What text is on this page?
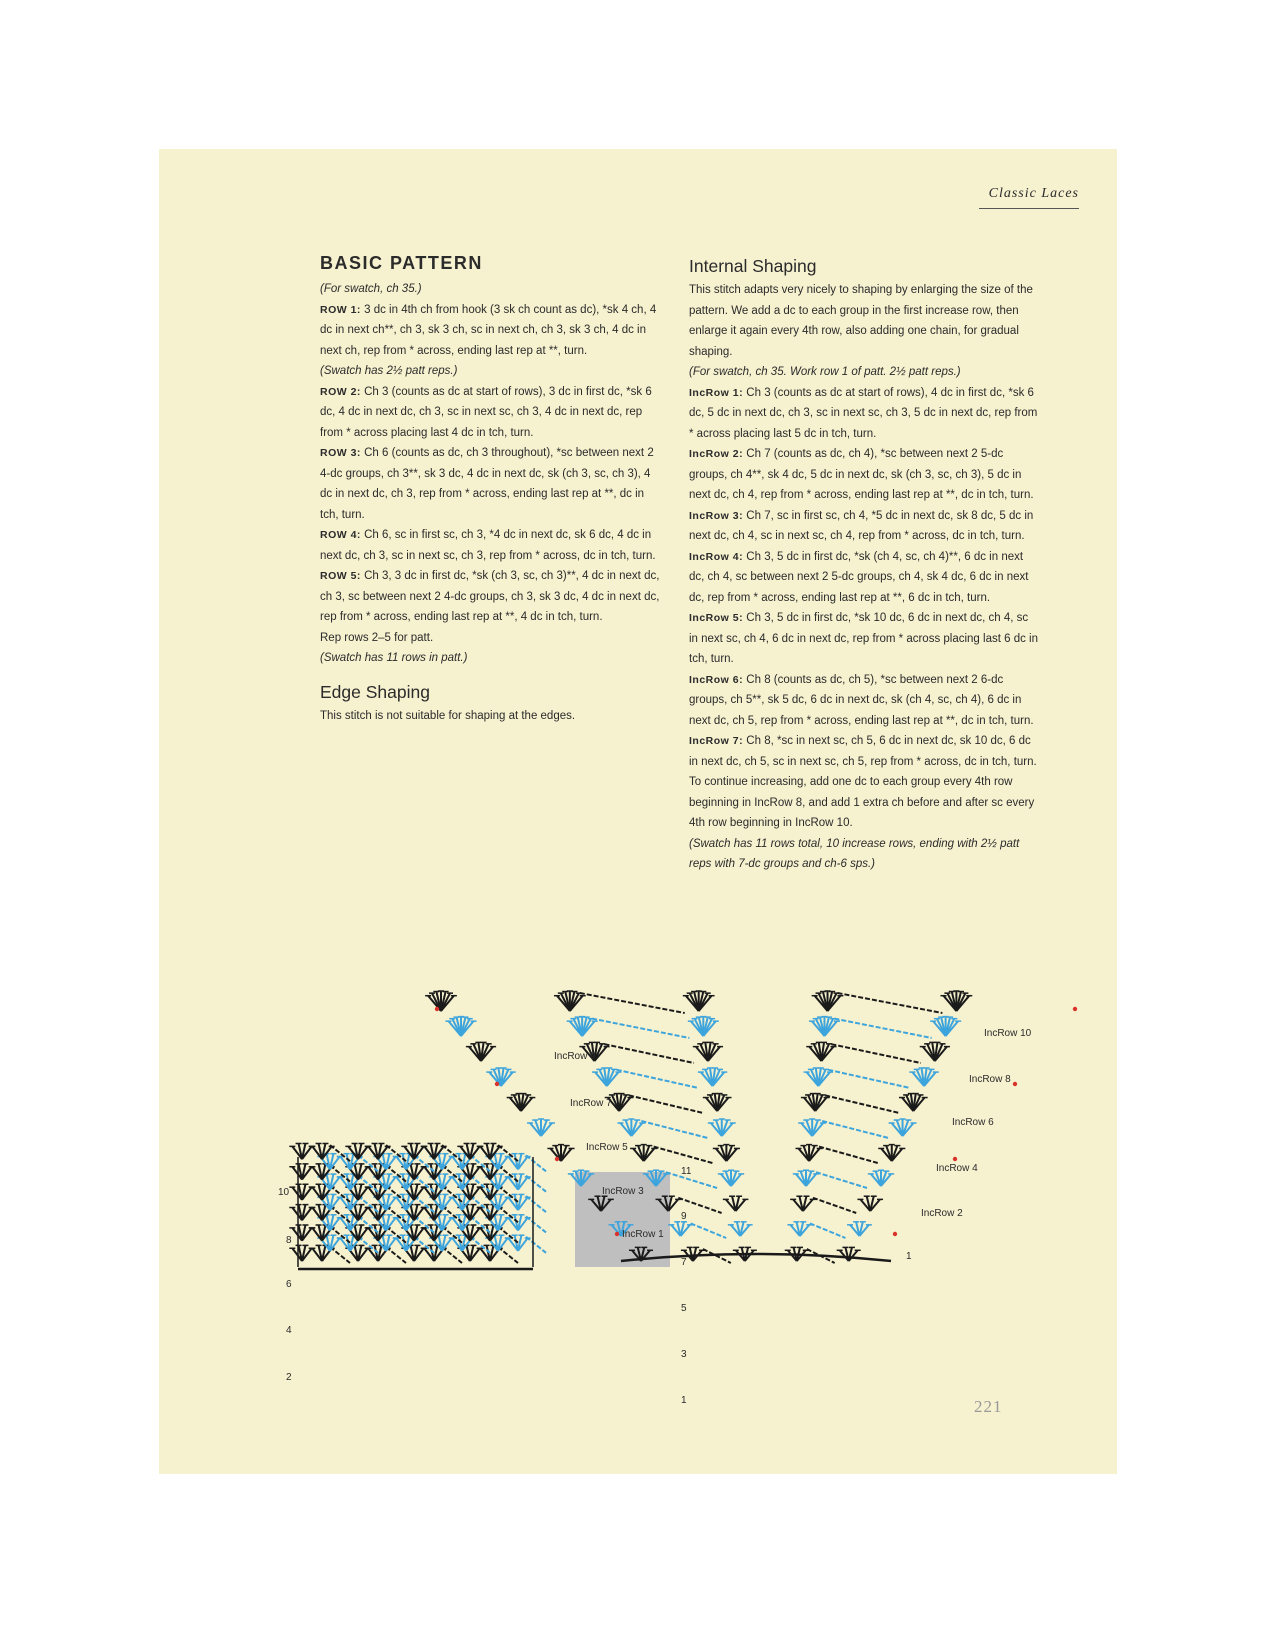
Classic Laces
BASIC PATTERN

(For swatch, ch 35.)

ROW 1: 3 dc in 4th ch from hook (3 sk ch count as dc), *sk 4 ch, 4 dc in next ch**, ch 3, sk 3 ch, sc in next ch, ch 3, sk 3 ch, 4 dc in next ch, rep from * across, ending last rep at **, turn.

(Swatch has 2½ patt reps.)

ROW 2: Ch 3 (counts as dc at start of rows), 3 dc in first dc, *sk 6 dc, 4 dc in next dc, ch 3, sc in next sc, ch 3, 4 dc in next dc, rep from * across placing last 4 dc in tch, turn.

ROW 3: Ch 6 (counts as dc, ch 3 throughout), *sc between next 2 4-dc groups, ch 3**, sk 3 dc, 4 dc in next dc, sk (ch 3, sc, ch 3), 4 dc in next dc, ch 3, rep from * across, ending last rep at **, dc in tch, turn.

ROW 4: Ch 6, sc in first sc, ch 3, *4 dc in next dc, sk 6 dc, 4 dc in next dc, ch 3, sc in next sc, ch 3, rep from * across, dc in tch, turn.

ROW 5: Ch 3, 3 dc in first dc, *sk (ch 3, sc, ch 3)**, 4 dc in next dc, ch 3, sc between next 2 4-dc groups, ch 3, sk 3 dc, 4 dc in next dc, rep from * across, ending last rep at **, 4 dc in tch, turn.

Rep rows 2–5 for patt.

(Swatch has 11 rows in patt.)

Edge Shaping

This stitch is not suitable for shaping at the edges.

Internal Shaping

This stitch adapts very nicely to shaping by enlarging the size of the pattern. We add a dc to each group in the first increase row, then enlarge it again every 4th row, also adding one chain, for gradual shaping.

(For swatch, ch 35. Work row 1 of patt. 2½ patt reps.)

IncRow 1: Ch 3 (counts as dc at start of rows), 4 dc in first dc, *sk 6 dc, 5 dc in next dc, ch 3, sc in next sc, ch 3, 5 dc in next dc, rep from * across placing last 5 dc in tch, turn.

IncRow 2: Ch 7 (counts as dc, ch 4), *sc between next 2 5-dc groups, ch 4**, sk 4 dc, 5 dc in next dc, sk (ch 3, sc, ch 3), 5 dc in next dc, ch 4, rep from * across, ending last rep at **, dc in tch, turn.

IncRow 3: Ch 7, sc in first sc, ch 4, *5 dc in next dc, sk 8 dc, 5 dc in next dc, ch 4, sc in next sc, ch 4, rep from * across, dc in tch, turn.

IncRow 4: Ch 3, 5 dc in first dc, *sk (ch 4, sc, ch 4)**, 6 dc in next dc, ch 4, sc between next 2 5-dc groups, ch 4, sk 4 dc, 6 dc in next dc, rep from * across, ending last rep at **, 6 dc in tch, turn.

IncRow 5: Ch 3, 5 dc in first dc, *sk 10 dc, 6 dc in next dc, ch 4, sc in next sc, ch 4, 6 dc in next dc, rep from * across placing last 6 dc in tch, turn.

IncRow 6: Ch 8 (counts as dc, ch 5), *sc between next 2 6-dc groups, ch 5**, sk 5 dc, 6 dc in next dc, sk (ch 4, sc, ch 4), 6 dc in next dc, ch 5, rep from * across, ending last rep at **, dc in tch, turn.

IncRow 7: Ch 8, *sc in next sc, ch 5, 6 dc in next dc, sk 10 dc, 6 dc in next dc, ch 5, sc in next sc, ch 5, rep from * across, dc in tch, turn.

To continue increasing, add one dc to each group every 4th row beginning in IncRow 8, and add 1 extra ch before and after sc every 4th row beginning in IncRow 10.

(Swatch has 11 rows total, 10 increase rows, ending with 2½ patt reps with 7-dc groups and ch-6 sps.)

10
8
6
4
2
11
9
7
5
3
1
IncRow 9
IncRow 7
IncRow 5
IncRow 3
IncRow 1
IncRow 10
IncRow 8
IncRow 6
IncRow 4
IncRow 2
1
221
